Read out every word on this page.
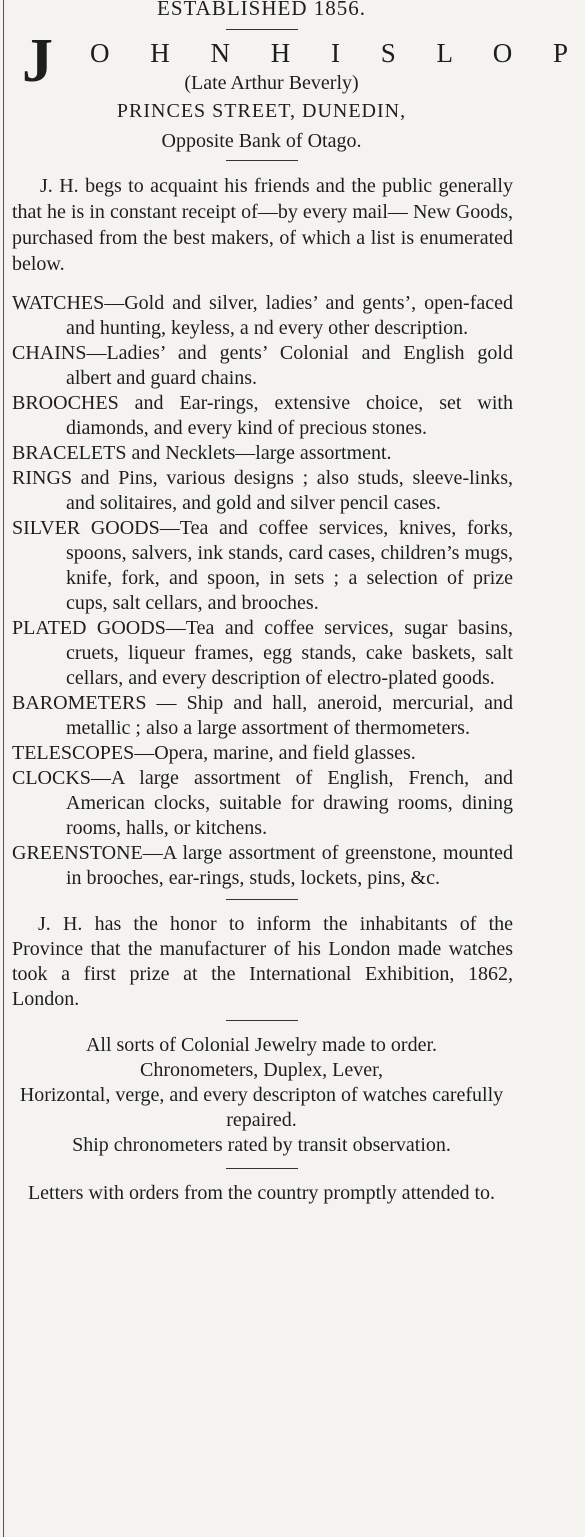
ESTABLISHED 1856.
J O H N H I S L O P
(Late Arthur Beverly)
PRINCES STREET, DUNEDIN,
Opposite Bank of Otago.

J. H. begs to acquaint his friends and the public generally that he is in constant receipt of—by every mail— New Goods, purchased from the best makers, of which a list is enumerated below.

WATCHES—Gold and silver, ladies’ and gents’, open-faced and hunting, keyless, a nd every other description.

CHAINS—Ladies’ and gents’ Colonial and English gold albert and guard chains.

BROOCHES and Ear-rings, extensive choice, set with diamonds, and every kind of precious stones.

BRACELETS and Necklets—large assortment.

RINGS and Pins, various designs ; also studs, sleeve-links, and solitaires, and gold and silver pencil cases.

SILVER GOODS—Tea and coffee services, knives, forks, spoons, salvers, ink stands, card cases, children’s mugs, knife, fork, and spoon, in sets ; a selection of prize cups, salt cellars, and brooches.

PLATED GOODS—Tea and coffee services, sugar basins, cruets, liqueur frames, egg stands, cake baskets, salt cellars, and every description of electro-plated goods.

BAROMETERS — Ship and hall, aneroid, mercurial, and metallic ; also a large assortment of thermometers.

TELESCOPES—Opera, marine, and field glasses.

CLOCKS—A large assortment of English, French, and American clocks, suitable for drawing rooms, dining rooms, halls, or kitchens.

GREENSTONE—A large assortment of greenstone, mounted in brooches, ear-rings, studs, lockets, pins, &c.

J. H. has the honor to inform the inhabitants of the Province that the manufacturer of his London made watches took a first prize at the International Exhibition, 1862, London.

All sorts of Colonial Jewelry made to order.

Chronometers, Duplex, Lever,

Horizontal, verge, and every descripton of watches carefully repaired.

Ship chronometers rated by transit observation.

Letters with orders from the country promptly attended to.
